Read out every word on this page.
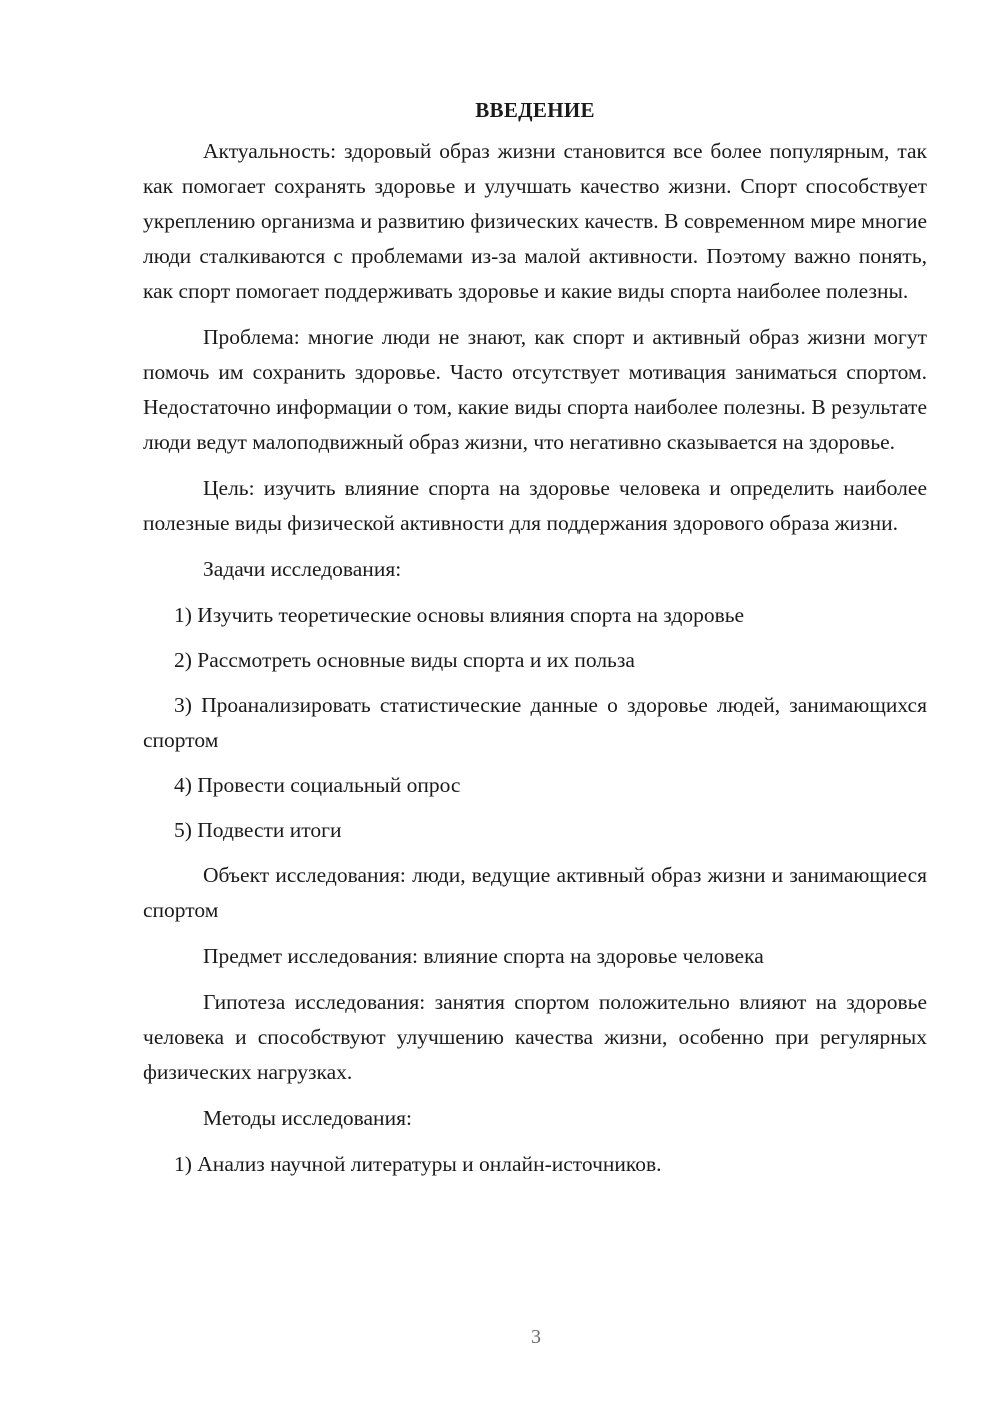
ВВЕДЕНИЕ

Актуальность: здоровый образ жизни становится все более популярным, так как помогает сохранять здоровье и улучшать качество жизни. Спорт способствует укреплению организма и развитию физических качеств. В современном мире многие люди сталкиваются с проблемами из-за малой активности. Поэтому важно понять, как спорт помогает поддерживать здоровье и какие виды спорта наиболее полезны.

Проблема: многие люди не знают, как спорт и активный образ жизни могут помочь им сохранить здоровье. Часто отсутствует мотивация заниматься спортом. Недостаточно информации о том, какие виды спорта наиболее полезны. В результате люди ведут малоподвижный образ жизни, что негативно сказывается на здоровье.

Цель: изучить влияние спорта на здоровье человека и определить наиболее полезные виды физической активности для поддержания здорового образа жизни.

Задачи исследования:

1) Изучить теоретические основы влияния спорта на здоровье

2) Рассмотреть основные виды спорта и их польза

3) Проанализировать статистические данные о здоровье людей, занимающихся спортом

4) Провести социальный опрос

5) Подвести итоги

Объект исследования: люди, ведущие активный образ жизни и занимающиеся спортом

Предмет исследования: влияние спорта на здоровье человека

Гипотеза исследования: занятия спортом положительно влияют на здоровье человека и способствуют улучшению качества жизни, особенно при регулярных физических нагрузках.

Методы исследования:

1) Анализ научной литературы и онлайн-источников.

3
